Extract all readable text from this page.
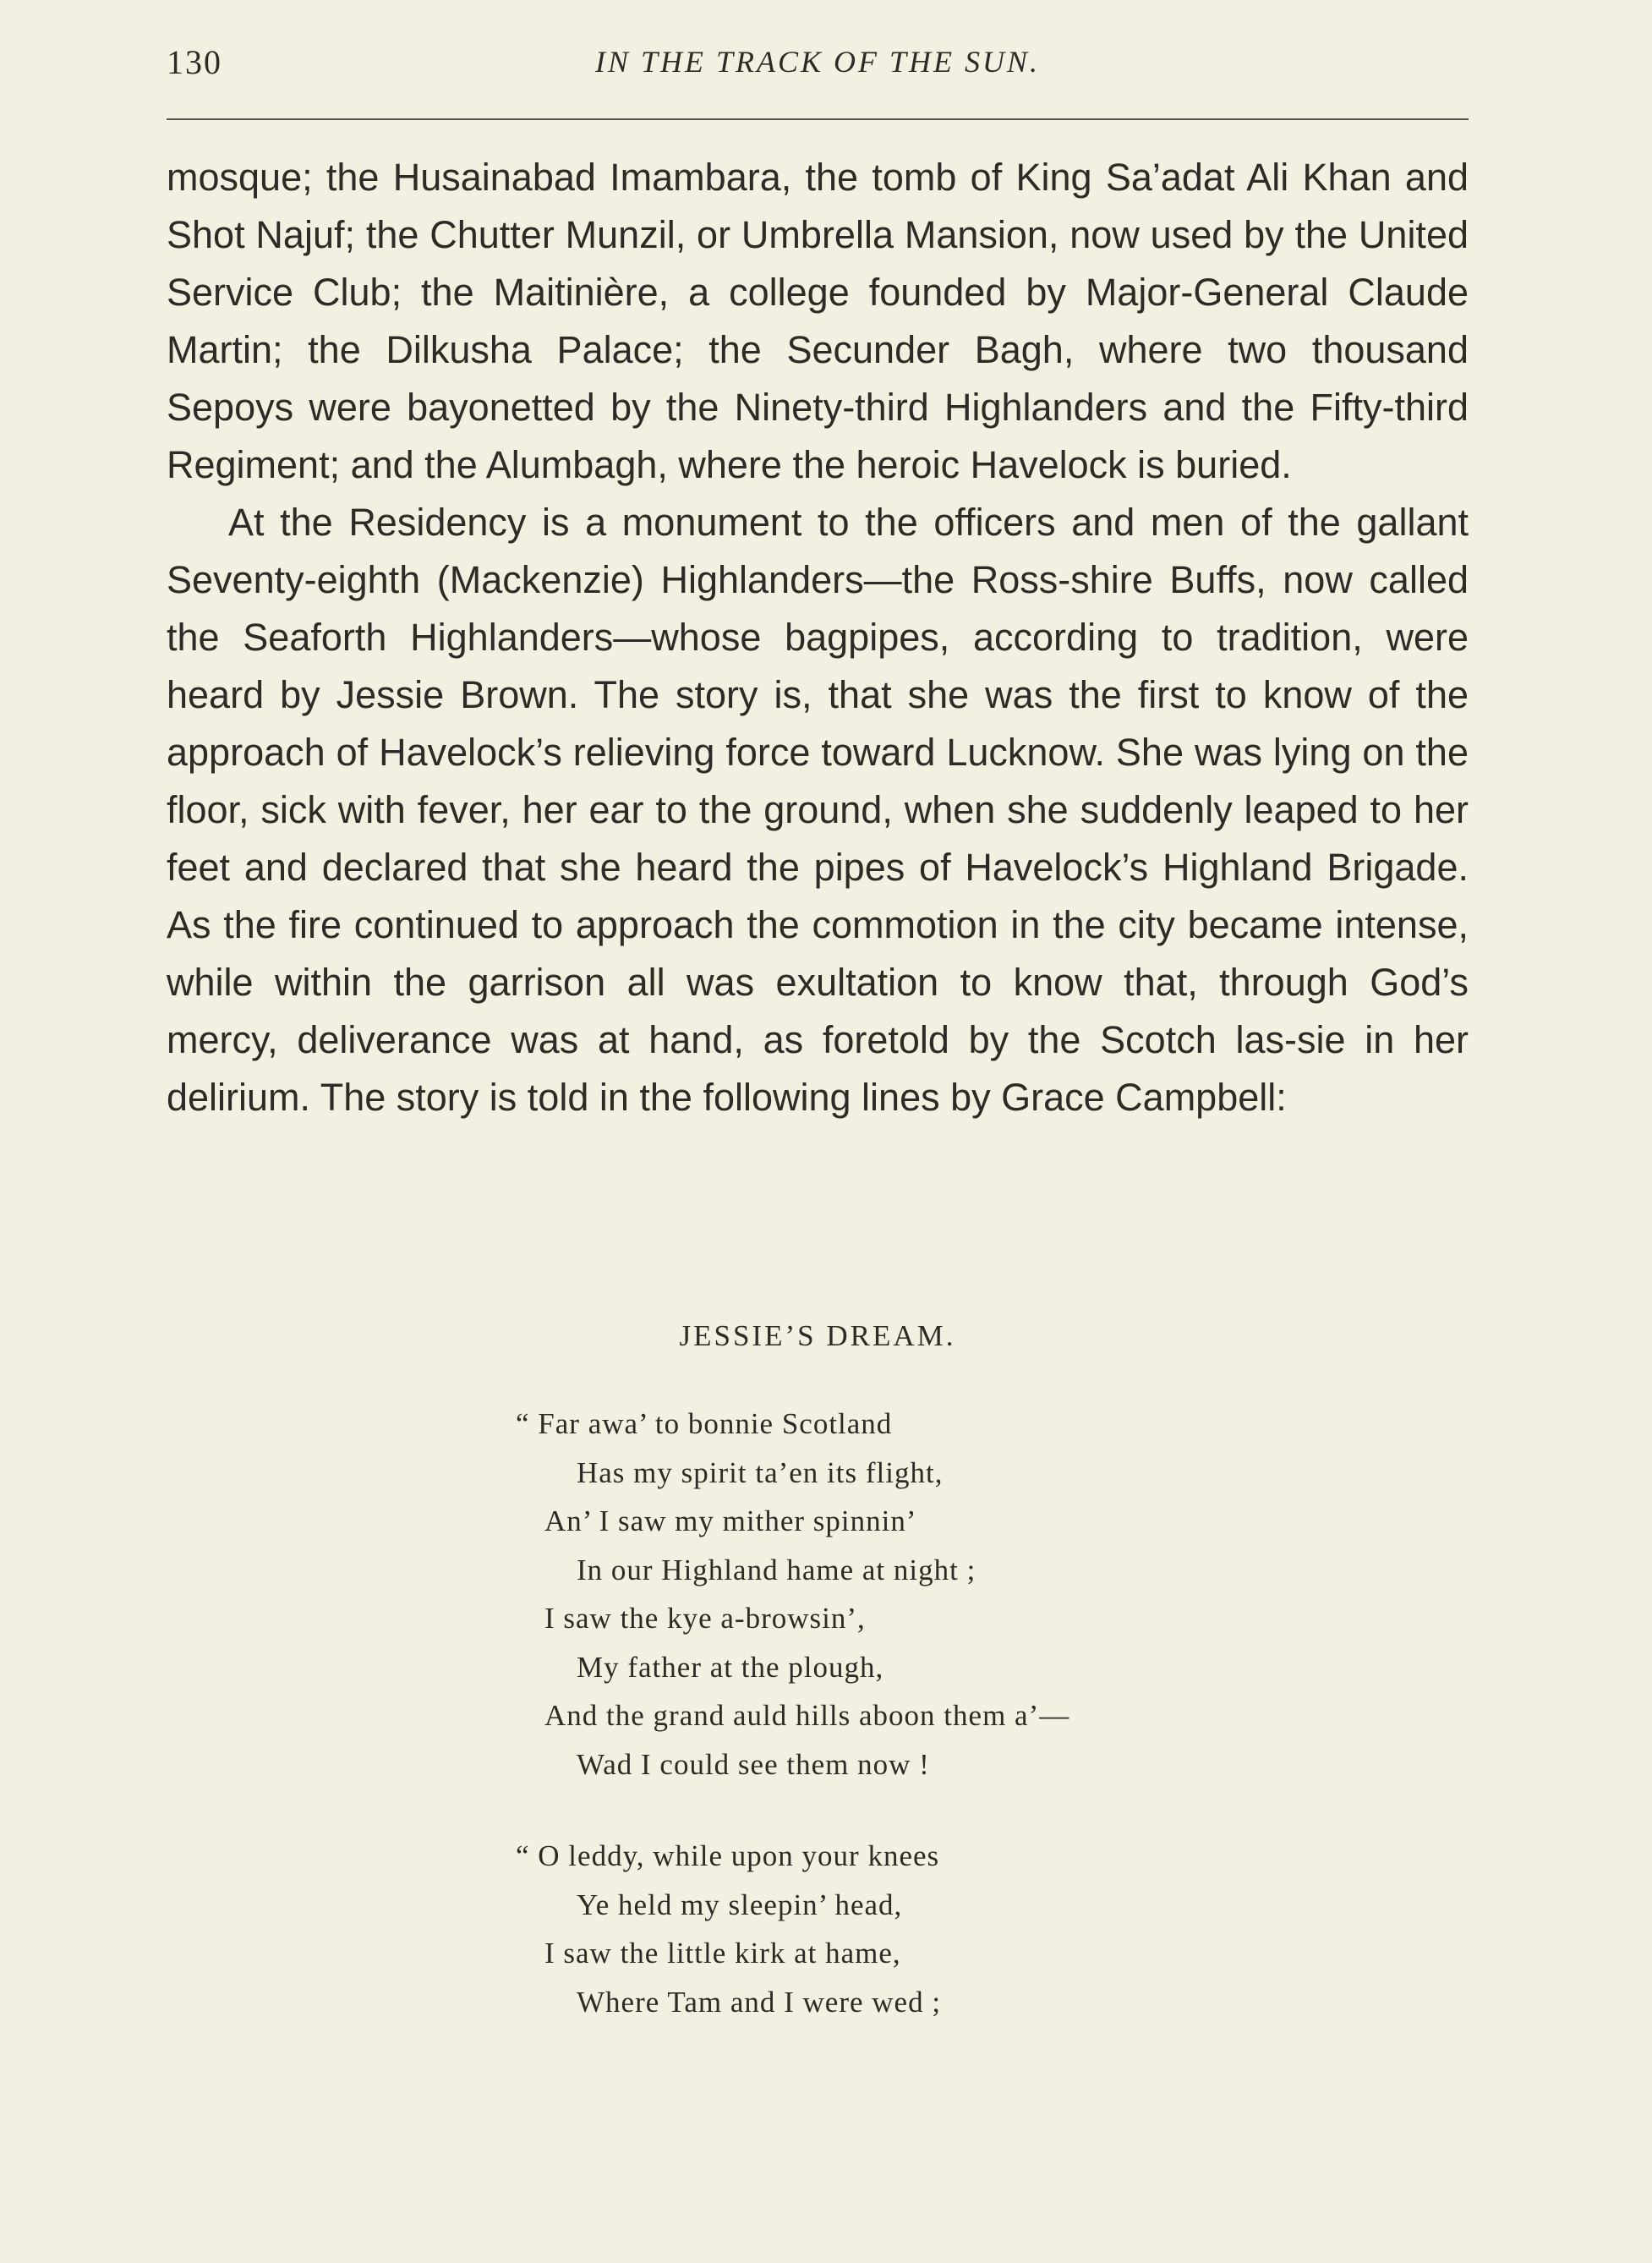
130	IN THE TRACK OF THE SUN.

mosque; the Husainabad Imambara, the tomb of King Sa’adat Ali Khan and Shot Najuf; the Chutter Munzil, or Umbrella Mansion, now used by the United Service Club; the Maitinière, a college founded by Major-General Claude Martin; the Dilkusha Palace; the Secunder Bagh, where two thousand Sepoys were bayonetted by the Ninety-third Highlanders and the Fifty-third Regiment; and the Alumbagh, where the heroic Havelock is buried.

At the Residency is a monument to the officers and men of the gallant Seventy-eighth (Mackenzie) Highlanders—the Ross-shire Buffs, now called the Seaforth Highlanders—whose bagpipes, according to tradition, were heard by Jessie Brown. The story is, that she was the first to know of the approach of Havelock’s relieving force toward Lucknow. She was lying on the floor, sick with fever, her ear to the ground, when she suddenly leaped to her feet and declared that she heard the pipes of Havelock’s Highland Brigade. As the fire continued to approach the commotion in the city became intense, while within the garrison all was exultation to know that, through God’s mercy, deliverance was at hand, as foretold by the Scotch las-sie in her delirium. The story is told in the following lines by Grace Campbell:

JESSIE’S DREAM.
“ Far awa’ to bonnie Scotland
Has my spirit ta’en its flight,
An’ I saw my mither spinnin’
In our Highland hame at night ;
I saw the kye a-browsin’,
My father at the plough,
And the grand auld hills aboon them a’—
Wad I could see them now !
“ O leddy, while upon your knees
Ye held my sleepin’ head,
I saw the little kirk at hame,
Where Tam and I were wed ;
